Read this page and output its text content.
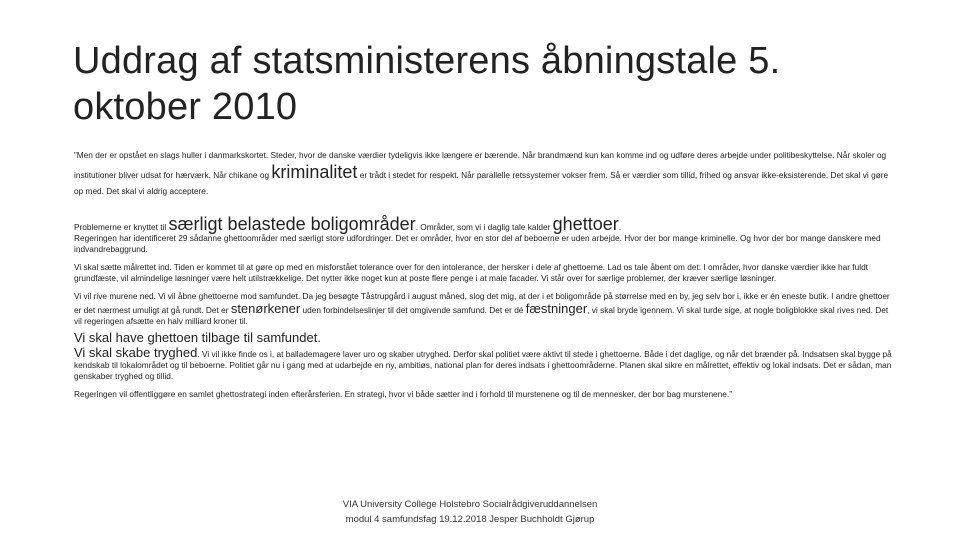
Uddrag af statsministerens åbningstale 5. oktober 2010

”Men der er opstået en slags huller i danmarkskortet. Steder, hvor de danske værdier tydeligvis ikke længere er bærende. Når brandmænd kun kan komme ind og udføre deres arbejde under politibeskyttelse. Når skoler og institutioner bliver udsat for hærværk. Når chikane og kriminalitet er trådt i stedet for respekt. Når parallelle retssystemer vokser frem. Så er værdier som tillid, frihed og ansvar ikke-eksisterende. Det skal vi gøre op med. Det skal vi aldrig acceptere.

Problemerne er knyttet til særligt belastede boligområder. Områder, som vi i daglig tale kalder ghettoer.

Regeringen har identificeret 29 sådanne ghettoområder med særligt store udfordringer. Det er områder, hvor en stor del af beboerne er uden arbejde. Hvor der bor mange kriminelle. Og hvor der bor mange danskere med indvandrebaggrund.

Vi skal sætte målrettet ind. Tiden er kommet til at gøre op med en misforstået tolerance over for den intolerance, der hersker i dele af ghettoerne. Lad os tale åbent om det: I områder, hvor danske værdier ikke har fuldt grundfæste, vil almindelige løsninger være helt utilstrækkelige. Det nytter ikke noget kun at poste flere penge i at male facader. Vi står over for særlige problemer, der kræver særlige løsninger.

Vi vil rive murene ned. Vi vil åbne ghettoerne mod samfundet. Da jeg besøgte Tåstrupgård i august måned, slog det mig, at der i et boligområde på størrelse med en by, jeg selv bor i, ikke er én eneste butik. I andre ghettoer er det nærmest umuligt at gå rundt. Det er stenørkener uden forbindelseslinjer til det omgivende samfund. Det er dé fæstninger, vi skal bryde igennem. Vi skal turde sige, at nogle boligblokke skal rives ned. Det vil regeringen afsætte en halv milliard kroner til.

Vi skal have ghettoen tilbage til samfundet.

Vi skal skabe tryghed. Vi vil ikke finde os i, at ballademagere laver uro og skaber utryghed. Derfor skal politiet være aktivt til stede i ghettoerne. Både i det daglige, og når det brænder på. Indsatsen skal bygge på kendskab til lokalområdet og til beboerne. Politiet går nu i gang med at udarbejde en ny, ambitiøs, national plan for deres indsats i ghettoområderne. Planen skal sikre en målrettet, effektiv og lokal indsats. Det er sådan, man genskaber tryghed og tillid.

Regeringen vil offentliggøre en samlet ghettostrategi inden efterårsferien. En strategi, hvor vi både sætter ind i forhold til murstenene og til de mennesker, der bor bag murstenene.”

VIA University College Holstebro Socialrådgiveruddannelsen
modul 4 samfundsfag 19.12.2018 Jesper Buchholdt Gjørup
